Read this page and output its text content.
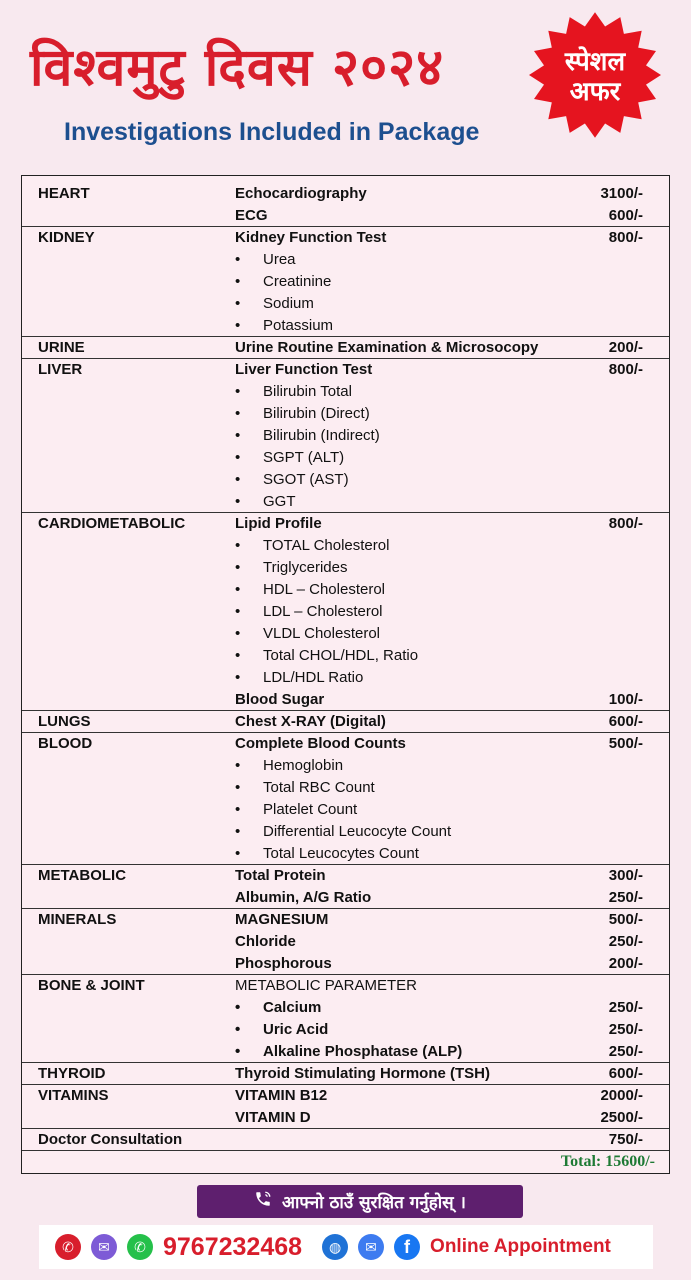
विश्वमुटु दिवस २०२४
Investigations Included in Package
स्पेशल
अफर
Total: 15600/-
HEART	Echocardiography	3100/-
ECG	600/-
KIDNEY	Kidney Function Test	800/-
• Urea
• Creatinine
• Sodium
• Potassium
URINE	Urine Routine Examination & Microsocopy	200/-
LIVER	Liver Function Test	800/-
• Bilirubin Total
• Bilirubin (Direct)
• Bilirubin (Indirect)
• SGPT (ALT)
• SGOT (AST)
• GGT
CARDIOMETABOLIC	Lipid Profile	800/-
• TOTAL Cholesterol
• Triglycerides
• HDL – Cholesterol
• LDL – Cholesterol
• VLDL Cholesterol
• Total CHOL/HDL, Ratio
• LDL/HDL Ratio
Blood Sugar	100/-
LUNGS	Chest X-RAY (Digital)	600/-
BLOOD	Complete Blood Counts	500/-
• Hemoglobin
• Total RBC Count
• Platelet Count
• Differential Leucocyte Count
• Total Leucocytes Count
METABOLIC	Total Protein	300/-
Albumin, A/G Ratio	250/-
MINERALS	MAGNESIUM	500/-
Chloride	250/-
Phosphorous	200/-
BONE & JOINT	METABOLIC PARAMETER
• Calcium	250/-
• Uric Acid	250/-
• Alkaline Phosphatase (ALP)	250/-
THYROID	Thyroid Stimulating Hormone (TSH)	600/-
VITAMINS	VITAMIN B12	2000/-
VITAMIN D	2500/-
Doctor Consultation	750/-
आफ्नो ठाउँ सुरक्षित गर्नुहोस् ।
✆	✉	✆ 9767232468	◍	✉	f	Online Appointment
